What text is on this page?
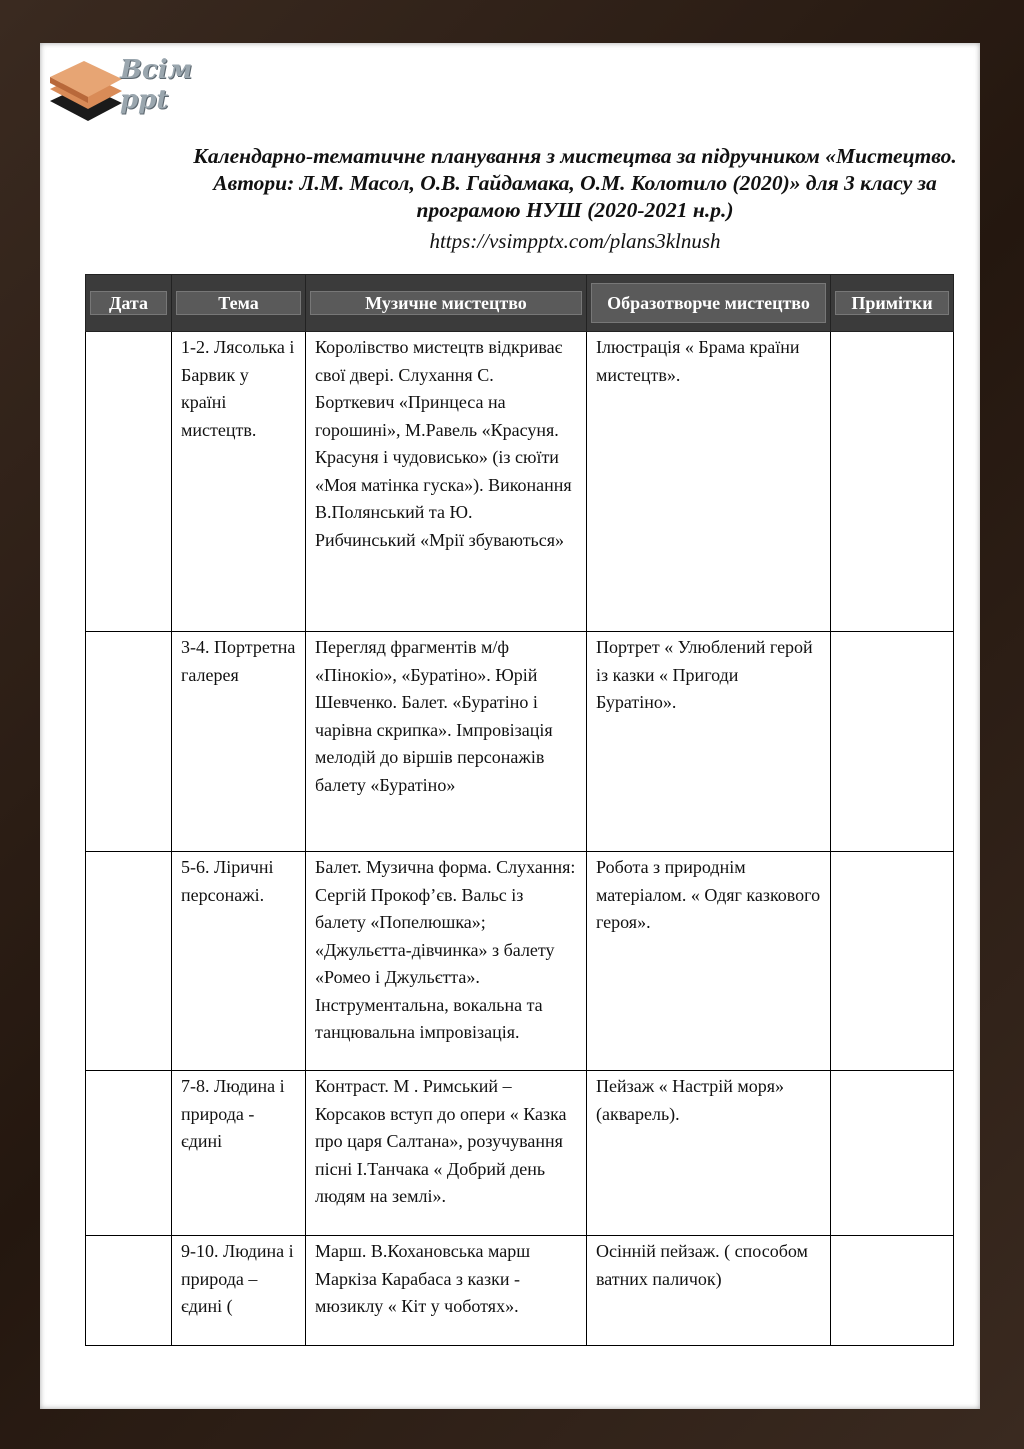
Всім
ppt
Календарно-тематичне планування з мистецтва за підручником «Мистецтво. Автори: Л.М. Масол, О.В. Гайдамака, О.М. Колотило (2020)» для 3 класу за програмою НУШ (2020-2021 н.р.)
https://vsimpptx.com/plans3klnush
Дата	Тема	Музичне мистецтво	Образотворче мистецтво	Примітки

	1-2. Лясолька і Барвик у країні мистецтв.	Королівство мистецтв відкриває свої двері. Слухання С. Борткевич «Принцеса на горошині», М.Равель «Красуня. Красуня і чудовисько» (із сюїти «Моя матінка гуска»). Виконання В.Полянський та Ю. Рибчинський «Мрії збуваються»	Ілюстрація « Брама країни мистецтв».	
	3-4. Портретна галерея	Перегляд фрагментів м/ф «Пінокіо», «Буратіно». Юрій Шевченко. Балет. «Буратіно і чарівна скрипка». Імпровізація мелодій до віршів персонажів балету «Буратіно»	Портрет « Улюблений герой із казки « Пригоди Буратіно».	
	5-6. Ліричні персонажі.	Балет. Музична форма. Слухання: Сергій Прокоф’єв. Вальс із балету «Попелюшка»; «Джульєтта-дівчинка» з балету «Ромео і Джульєтта». Інструментальна, вокальна та танцювальна імпровізація.	Робота з природнім матеріалом. « Одяг казкового героя».	
	7-8. Людина і природа - єдині	Контраст. М . Римський – Корсаков вступ до опери « Казка про царя Салтана», розучування пісні І.Танчака « Добрий день людям на землі».	Пейзаж « Настрій моря» (акварель).	
	9-10. Людина і природа – єдині (	Марш. В.Кохановська марш Маркіза Карабаса з казки - мюзиклу « Кіт у чоботях».	Осінній пейзаж. ( способом ватних паличок)	
